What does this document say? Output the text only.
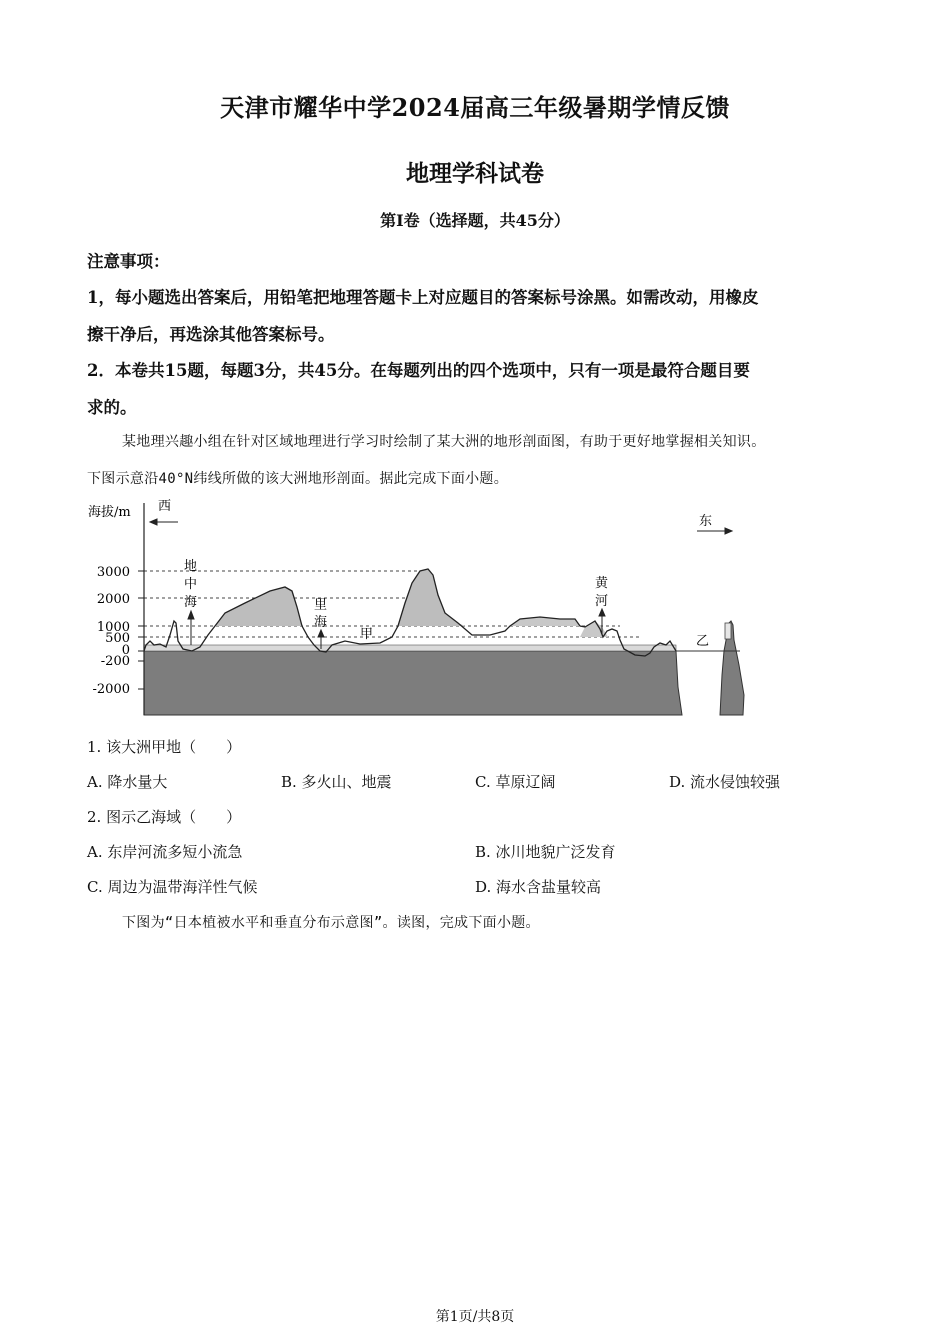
天津市耀华中学2024届高三年级暑期学情反馈
地理学科试卷
第I卷（选择题，共45分）
注意事项：
1，每小题选出答案后，用铅笔把地理答题卡上对应题目的答案标号涂黑。如需改动，用橡皮
擦干净后，再选涂其他答案标号。
2．本卷共15题，每题3分，共45分。在每题列出的四个选项中，只有一项是最符合题目要
求的。
某地理兴趣小组在针对区域地理进行学习时绘制了某大洲的地形剖面图，有助于更好地掌握相关知识。
下图示意沿40°N纬线所做的该大洲地形剖面。据此完成下面小题。
3000
2000
1000
500
0
-200
-2000
海拔/m 西
东
地
中
海	里
海
甲
黄
河
乙
1. 该大洲甲地（　　）
A. 降水量大	B. 多火山、地震	C. 草原辽阔	D. 流水侵蚀较强
2. 图示乙海域（　　）
A. 东岸河流多短小流急	B. 冰川地貌广泛发育
C. 周边为温带海洋性气候	D. 海水含盐量较高
下图为“日本植被水平和垂直分布示意图”。读图，完成下面小题。
第1页/共8页
